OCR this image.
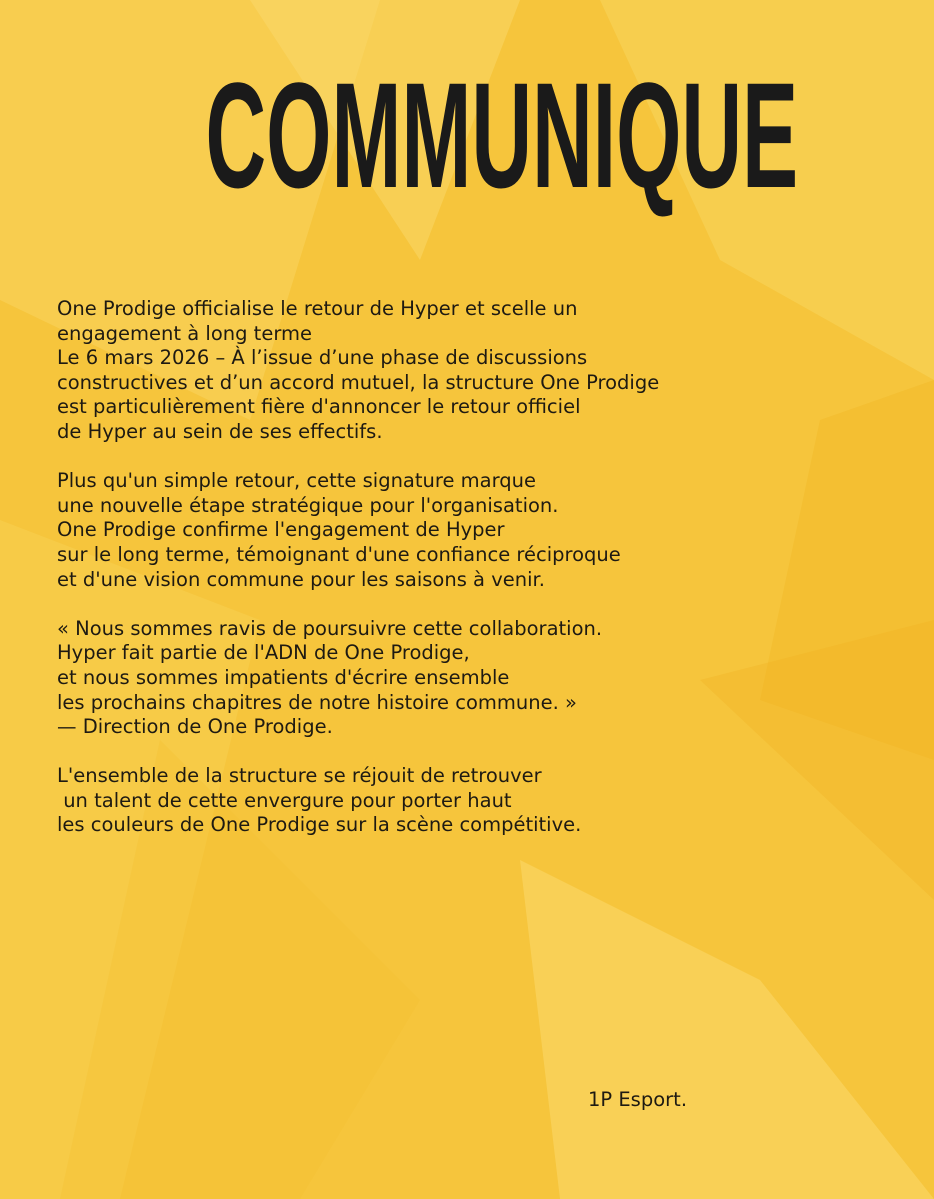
COMMUNIQUE
One Prodige officialise le retour de Hyper et scelle un
engagement à long terme
Le 6 mars 2026 – À l’issue d’une phase de discussions
constructives et d’un accord mutuel, la structure One Prodige
est particulièrement fière d'annoncer le retour officiel
de Hyper au sein de ses effectifs.
Plus qu'un simple retour, cette signature marque
une nouvelle étape stratégique pour l'organisation.
One Prodige confirme l'engagement de Hyper
sur le long terme, témoignant d'une confiance réciproque
et d'une vision commune pour les saisons à venir.
« Nous sommes ravis de poursuivre cette collaboration.
Hyper fait partie de l'ADN de One Prodige,
et nous sommes impatients d'écrire ensemble
les prochains chapitres de notre histoire commune. »
— Direction de One Prodige.
L'ensemble de la structure se réjouit de retrouver
un talent de cette envergure pour porter haut
les couleurs de One Prodige sur la scène compétitive.
1P Esport.
